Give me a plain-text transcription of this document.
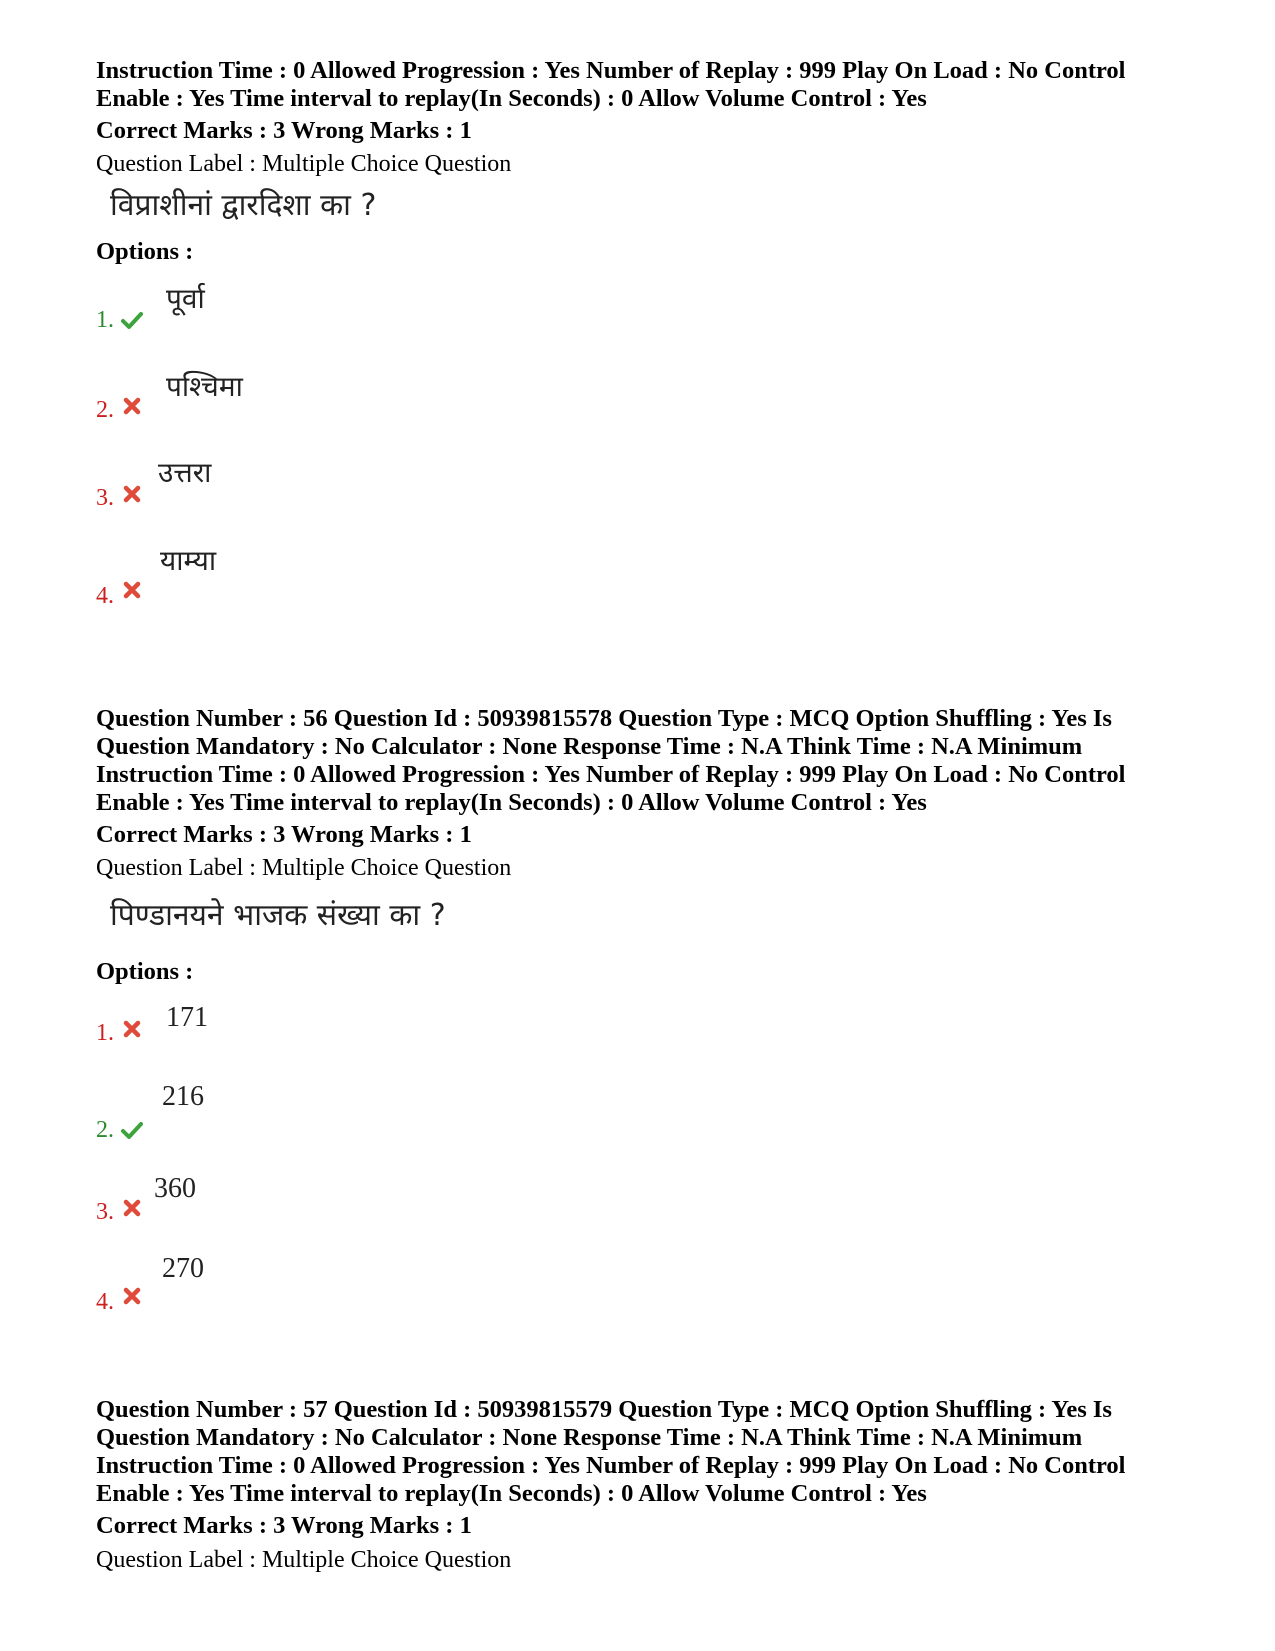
Instruction Time : 0 Allowed Progression : Yes Number of Replay : 999 Play On Load : No Control
Enable : Yes Time interval to replay(In Seconds) : 0 Allow Volume Control : Yes
Correct Marks : 3 Wrong Marks : 1
Question Label : Multiple Choice Question
विप्राशीनां द्वारदिशा का ?
Options :
1.
पूर्वा
2.
पश्चिमा
3.
उत्तरा
4.
याम्या
Question Number : 56 Question Id : 50939815578 Question Type : MCQ Option Shuffling : Yes Is
Question Mandatory : No Calculator : None Response Time : N.A Think Time : N.A Minimum
Instruction Time : 0 Allowed Progression : Yes Number of Replay : 999 Play On Load : No Control
Enable : Yes Time interval to replay(In Seconds) : 0 Allow Volume Control : Yes
Correct Marks : 3 Wrong Marks : 1
Question Label : Multiple Choice Question
पिण्डानयने भाजक संख्या का ?
Options :
1. 171
2.
216
3.
360
4.
270
Question Number : 57 Question Id : 50939815579 Question Type : MCQ Option Shuffling : Yes Is
Question Mandatory : No Calculator : None Response Time : N.A Think Time : N.A Minimum
Instruction Time : 0 Allowed Progression : Yes Number of Replay : 999 Play On Load : No Control
Enable : Yes Time interval to replay(In Seconds) : 0 Allow Volume Control : Yes
Correct Marks : 3 Wrong Marks : 1
Question Label : Multiple Choice Question
